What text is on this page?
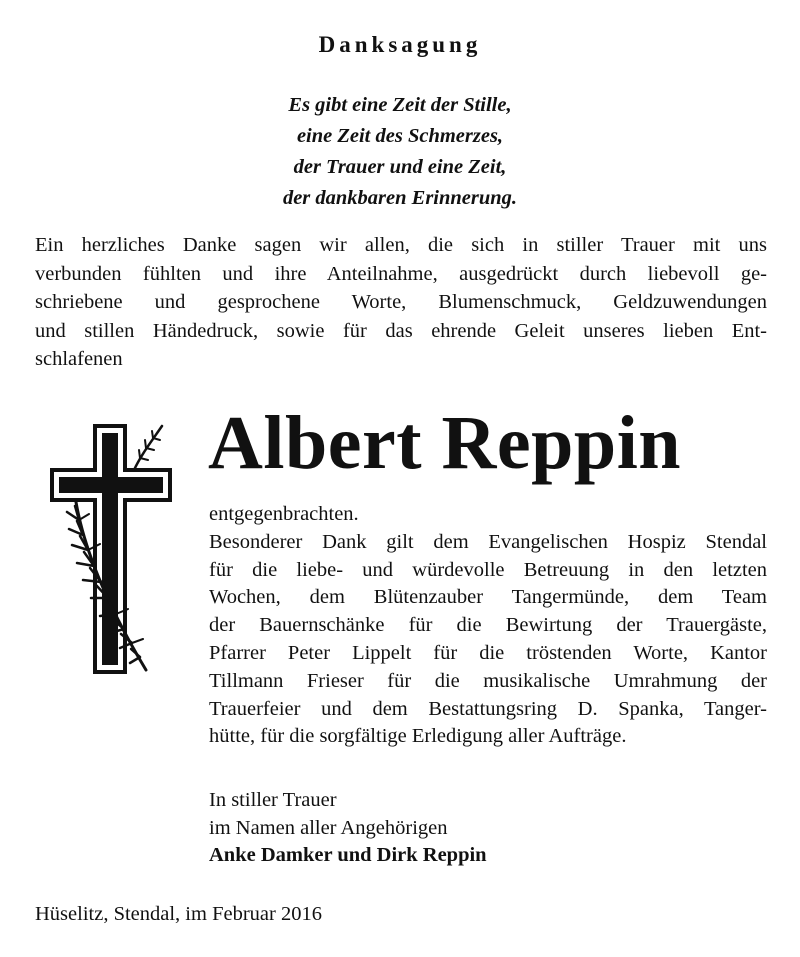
Danksagung
Es gibt eine Zeit der Stille,
eine Zeit des Schmerzes,
der Trauer und eine Zeit,
der dankbaren Erinnerung.
Ein herzliches Danke sagen wir allen, die sich in stiller Trauer mit uns
verbunden fühlten und ihre Anteilnahme, ausgedrückt durch liebevoll ge-
schriebene und gesprochene Worte, Blumenschmuck, Geldzuwendungen
und stillen Händedruck, sowie für das ehrende Geleit unseres lieben Ent-
schlafenen
Albert Reppin
entgegenbrachten.
Besonderer Dank gilt dem Evangelischen Hospiz Stendal
für die liebe- und würdevolle Betreuung in den letzten
Wochen, dem Blütenzauber Tangermünde, dem Team
der Bauernschänke für die Bewirtung der Trauergäste,
Pfarrer Peter Lippelt für die tröstenden Worte, Kantor
Tillmann Frieser für die musikalische Umrahmung der
Trauerfeier und dem Bestattungsring D. Spanka, Tanger-
hütte, für die sorgfältige Erledigung aller Aufträge.
In stiller Trauer
im Namen aller Angehörigen
Anke Damker und Dirk Reppin
Hüselitz, Stendal, im Februar 2016
